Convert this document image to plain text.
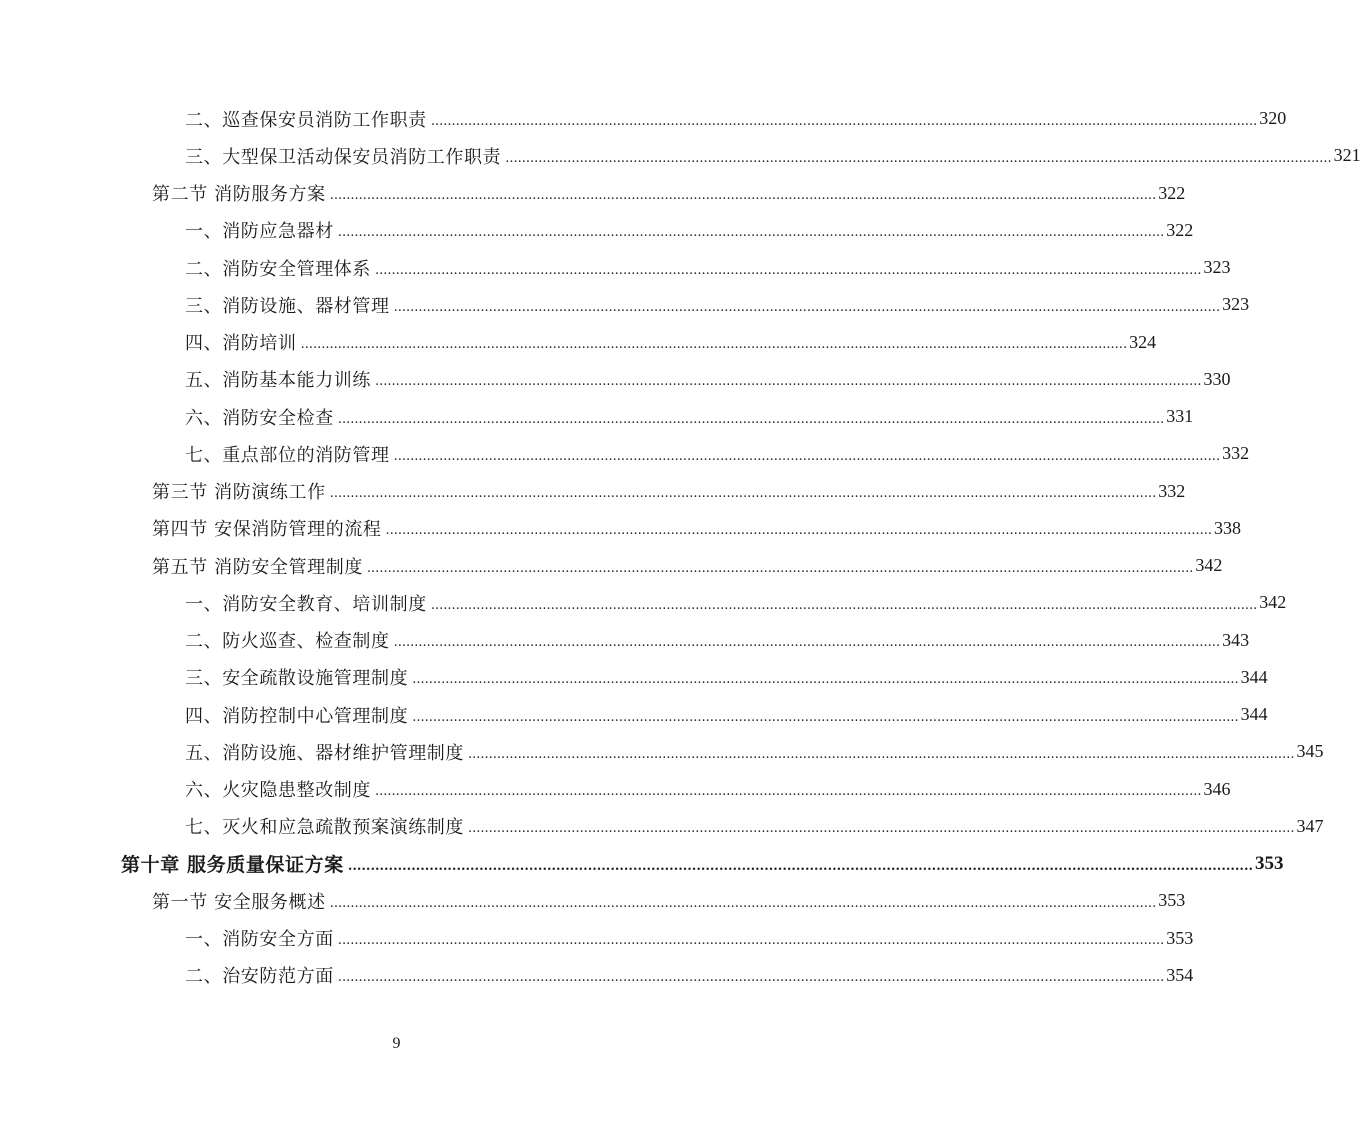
二、巡查保安员消防工作职责 ........................................................................................................................................................................................................ 320
三、大型保卫活动保安员消防工作职责 ........................................................................................................................................................................................................ 321
第二节 消防服务方案 ........................................................................................................................................................................................................ 322
一、消防应急器材 ........................................................................................................................................................................................................ 322
二、消防安全管理体系 ........................................................................................................................................................................................................ 323
三、消防设施、器材管理 ........................................................................................................................................................................................................ 323
四、消防培训 ........................................................................................................................................................................................................ 324
五、消防基本能力训练 ........................................................................................................................................................................................................ 330
六、消防安全检查 ........................................................................................................................................................................................................ 331
七、重点部位的消防管理 ........................................................................................................................................................................................................ 332
第三节 消防演练工作 ........................................................................................................................................................................................................ 332
第四节 安保消防管理的流程 ........................................................................................................................................................................................................ 338
第五节 消防安全管理制度 ........................................................................................................................................................................................................ 342
一、消防安全教育、培训制度 ........................................................................................................................................................................................................ 342
二、防火巡查、检查制度 ........................................................................................................................................................................................................ 343
三、安全疏散设施管理制度 ........................................................................................................................................................................................................ 344
四、消防控制中心管理制度 ........................................................................................................................................................................................................ 344
五、消防设施、器材维护管理制度 ........................................................................................................................................................................................................ 345
六、火灾隐患整改制度 ........................................................................................................................................................................................................ 346
七、灭火和应急疏散预案演练制度 ........................................................................................................................................................................................................ 347
第十章 服务质量保证方案 ........................................................................................................................................................................................................ 353
第一节 安全服务概述 ........................................................................................................................................................................................................ 353
一、消防安全方面 ........................................................................................................................................................................................................ 353
二、治安防范方面 ........................................................................................................................................................................................................ 354
9
